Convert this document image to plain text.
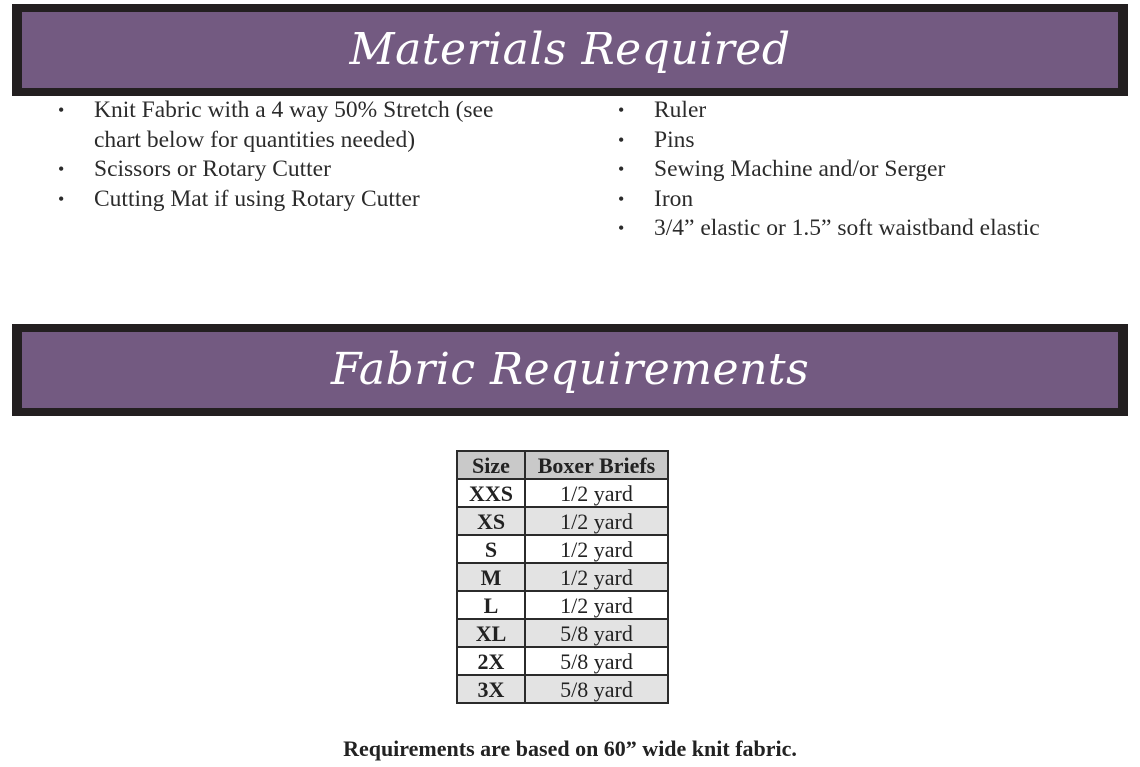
Materials Required
• Knit Fabric with a 4 way 50% Stretch (see chart below for quantities needed)
• Scissors or Rotary Cutter
• Cutting Mat if using Rotary Cutter
• Ruler
• Pins
• Sewing Machine and/or Serger
• Iron
• 3/4” elastic or 1.5” soft waistband elastic
Fabric Requirements
Size	Boxer Briefs
XXS	1/2 yard
XS	1/2 yard
S	1/2 yard
M	1/2 yard
L	1/2 yard
XL	5/8 yard
2X	5/8 yard
3X	5/8 yard
Requirements are based on 60” wide knit fabric.
